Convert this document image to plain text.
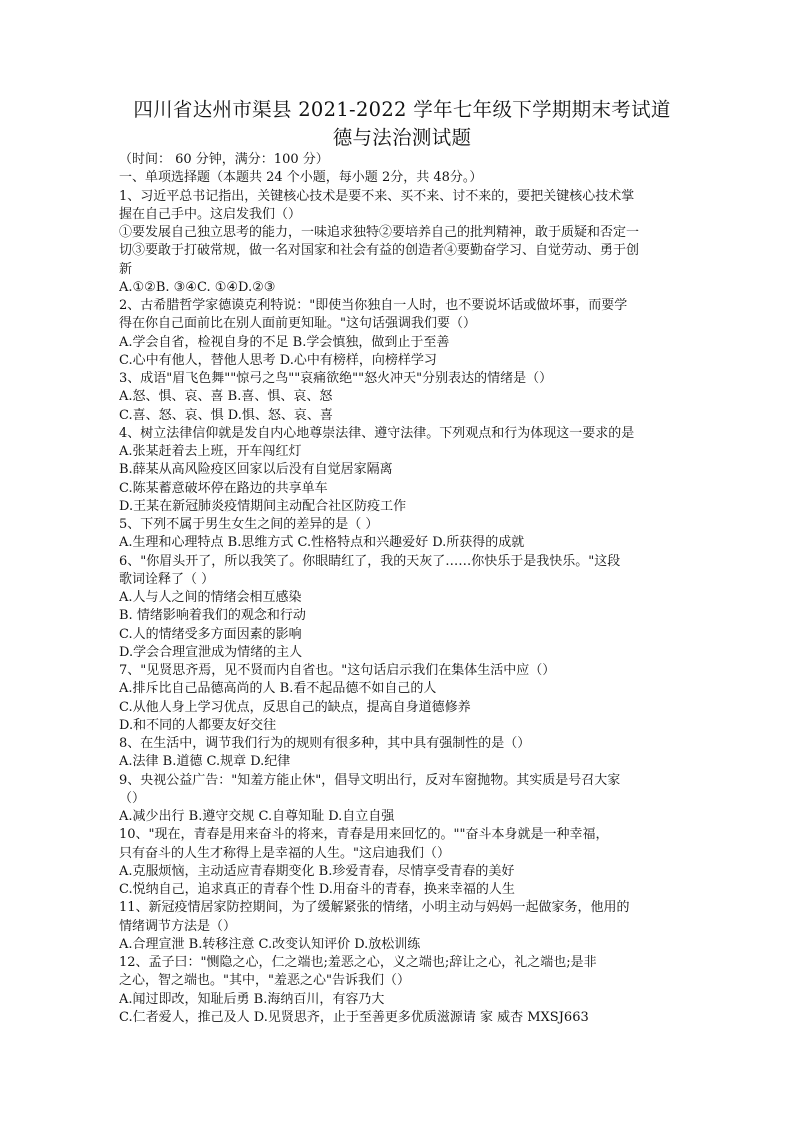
四川省达州市渠县 2021-2022 学年七年级下学期期末考试道
德与法治测试题

（时间： 60 分钟，满分：100 分）

一、单项选择题（本题共 24 个小题，每小题 2分，共 48分。）

1、习近平总书记指出，关键核心技术是要不来、买不来、讨不来的，要把关键核心技术掌

握在自己手中。这启发我们（）

①要发展自己独立思考的能力，一味追求独特②要培养自己的批判精神，敢于质疑和否定一

切③要敢于打破常规，做一名对国家和社会有益的创造者④要勤奋学习、自觉劳动、勇于创

新

A.①②B. ③④C. ①④D.②③

2、古希腊哲学家德谟克利特说："即使当你独自一人时，也不要说坏话或做坏事，而要学

得在你自己面前比在别人面前更知耻。"这句话强调我们要（）

A.学会自省，检视自身的不足 B.学会慎独，做到止于至善

C.心中有他人，替他人思考 D.心中有榜样，向榜样学习

3、成语"眉飞色舞""惊弓之鸟""哀痛欲绝""怒火冲天"分别表达的情绪是（）

A.怒、惧、哀、喜 B.喜、惧、哀、怒

C.喜、怒、哀、惧 D.惧、怒、哀、喜

4、树立法律信仰就是发自内心地尊崇法律、遵守法律。下列观点和行为体现这一要求的是

A.张某赶着去上班，开车闯红灯

B.薛某从高风险疫区回家以后没有自觉居家隔离

C.陈某蓄意破坏停在路边的共享单车

D.王某在新冠肺炎疫情期间主动配合社区防疫工作

5、下列不属于男生女生之间的差异的是（ ）

A.生理和心理特点 B.思维方式 C.性格特点和兴趣爱好 D.所获得的成就

6、"你眉头开了，所以我笑了。你眼睛红了，我的天灰了……你快乐于是我快乐。"这段

歌词诠释了（ ）

A.人与人之间的情绪会相互感染

B. 情绪影响着我们的观念和行动

C.人的情绪受多方面因素的影响

D.学会合理宣泄成为情绪的主人

7、"见贤思齐焉，见不贤而内自省也。"这句话启示我们在集体生活中应（）

A.排斥比自己品德高尚的人 B.看不起品德不如自己的人

C.从他人身上学习优点，反思自己的缺点，提高自身道德修养

D.和不同的人都要友好交往

8、在生活中，调节我们行为的规则有很多种，其中具有强制性的是（）

A.法律 B.道德 C.规章 D.纪律

9、央视公益广告："知羞方能止休"，倡导文明出行，反对车窗抛物。其实质是号召大家

（）

A.减少出行 B.遵守交规 C.自尊知耻 D.自立自强

10、"现在，青春是用来奋斗的将来，青春是用来回忆的。""奋斗本身就是一种幸福，

只有奋斗的人生才称得上是幸福的人生。"这启迪我们（）

A.克服烦恼，主动适应青春期变化 B.珍爱青春，尽情享受青春的美好

C.悦纳自己，追求真正的青春个性 D.用奋斗的青春，换来幸福的人生

11、新冠疫情居家防控期间，为了缓解紧张的情绪，小明主动与妈妈一起做家务，他用的

情绪调节方法是（）

A.合理宣泄 B.转移注意 C.改变认知评价 D.放松训练

12、孟子曰："恻隐之心，仁之端也;羞恶之心，义之端也;辞让之心，礼之端也;是非

之心，智之端也。"其中，"羞恶之心"告诉我们（）

A.闻过即改，知耻后勇 B.海纳百川，有容乃大

C.仁者爱人，推己及人 D.见贤思齐，止于至善更多优质滋源请 家 威杏 MXSJ663
